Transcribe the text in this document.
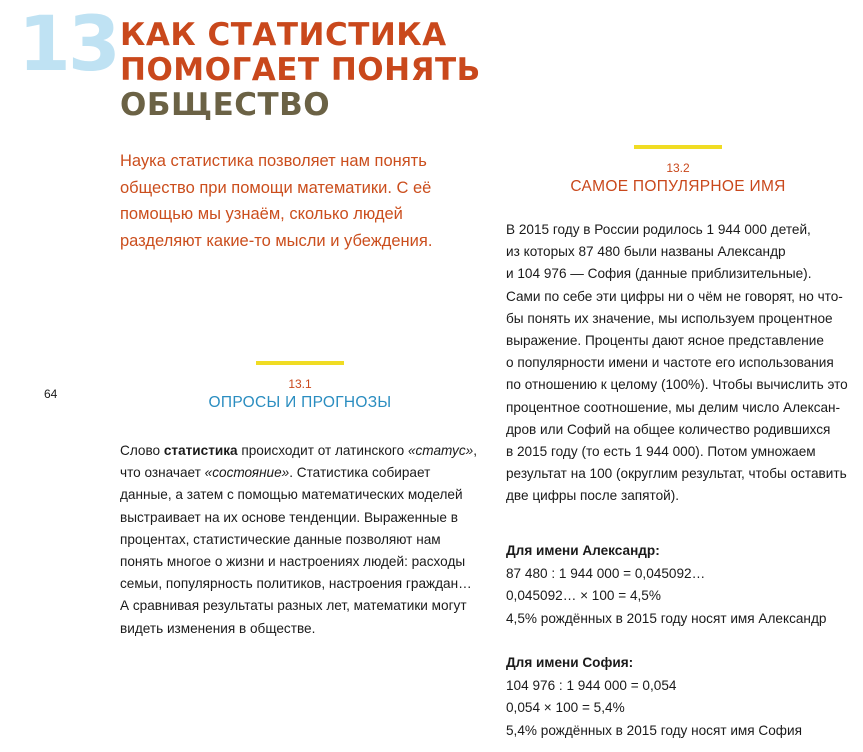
13 КАК СТАТИСТИКА
ПОМОГАЕТ ПОНЯТЬ
ОБЩЕСТВО

Наука статистика позволяет нам понять общество при помощи математики. С её помощью мы узнаём, сколько людей разделяют какие-то мысли и убеждения.

64
13.1
ОПРОСЫ И ПРОГНОЗЫ

Слово статистика происходит от латинского «статус», что означает «состояние». Статистика собирает данные, а затем с помощью математических моделей выстраивает на их основе тенденции. Выраженные в процентах, статистические данные позволяют нам понять многое о жизни и настроениях людей: расходы семьи, популярность политиков, настроения граждан… А сравнивая результаты разных лет, математики могут видеть изменения в обществе.

13.2
САМОЕ ПОПУЛЯРНОЕ ИМЯ

В 2015 году в России родилось 1 944 000 детей,
из которых 87 480 были названы Александр
и 104 976 — София (данные приблизительные).
Сами по себе эти цифры ни о чём не говорят, но что-
бы понять их значение, мы используем процентное
выражение. Проценты дают ясное представление
о популярности имени и частоте его использования
по отношению к целому (100%). Чтобы вычислить это
процентное соотношение, мы делим число Алексан-
дров или Софий на общее количество родившихся
в 2015 году (то есть 1 944 000). Потом умножаем
результат на 100 (округлим результат, чтобы оставить
две цифры после запятой).

Для имени Александр:
87 480 : 1 944 000 = 0,045092…
0,045092… × 100 = 4,5%
4,5% рождённых в 2015 году носят имя Александр

Для имени София:
104 976 : 1 944 000 = 0,054
0,054 × 100 = 5,4%
5,4% рождённых в 2015 году носят имя София
